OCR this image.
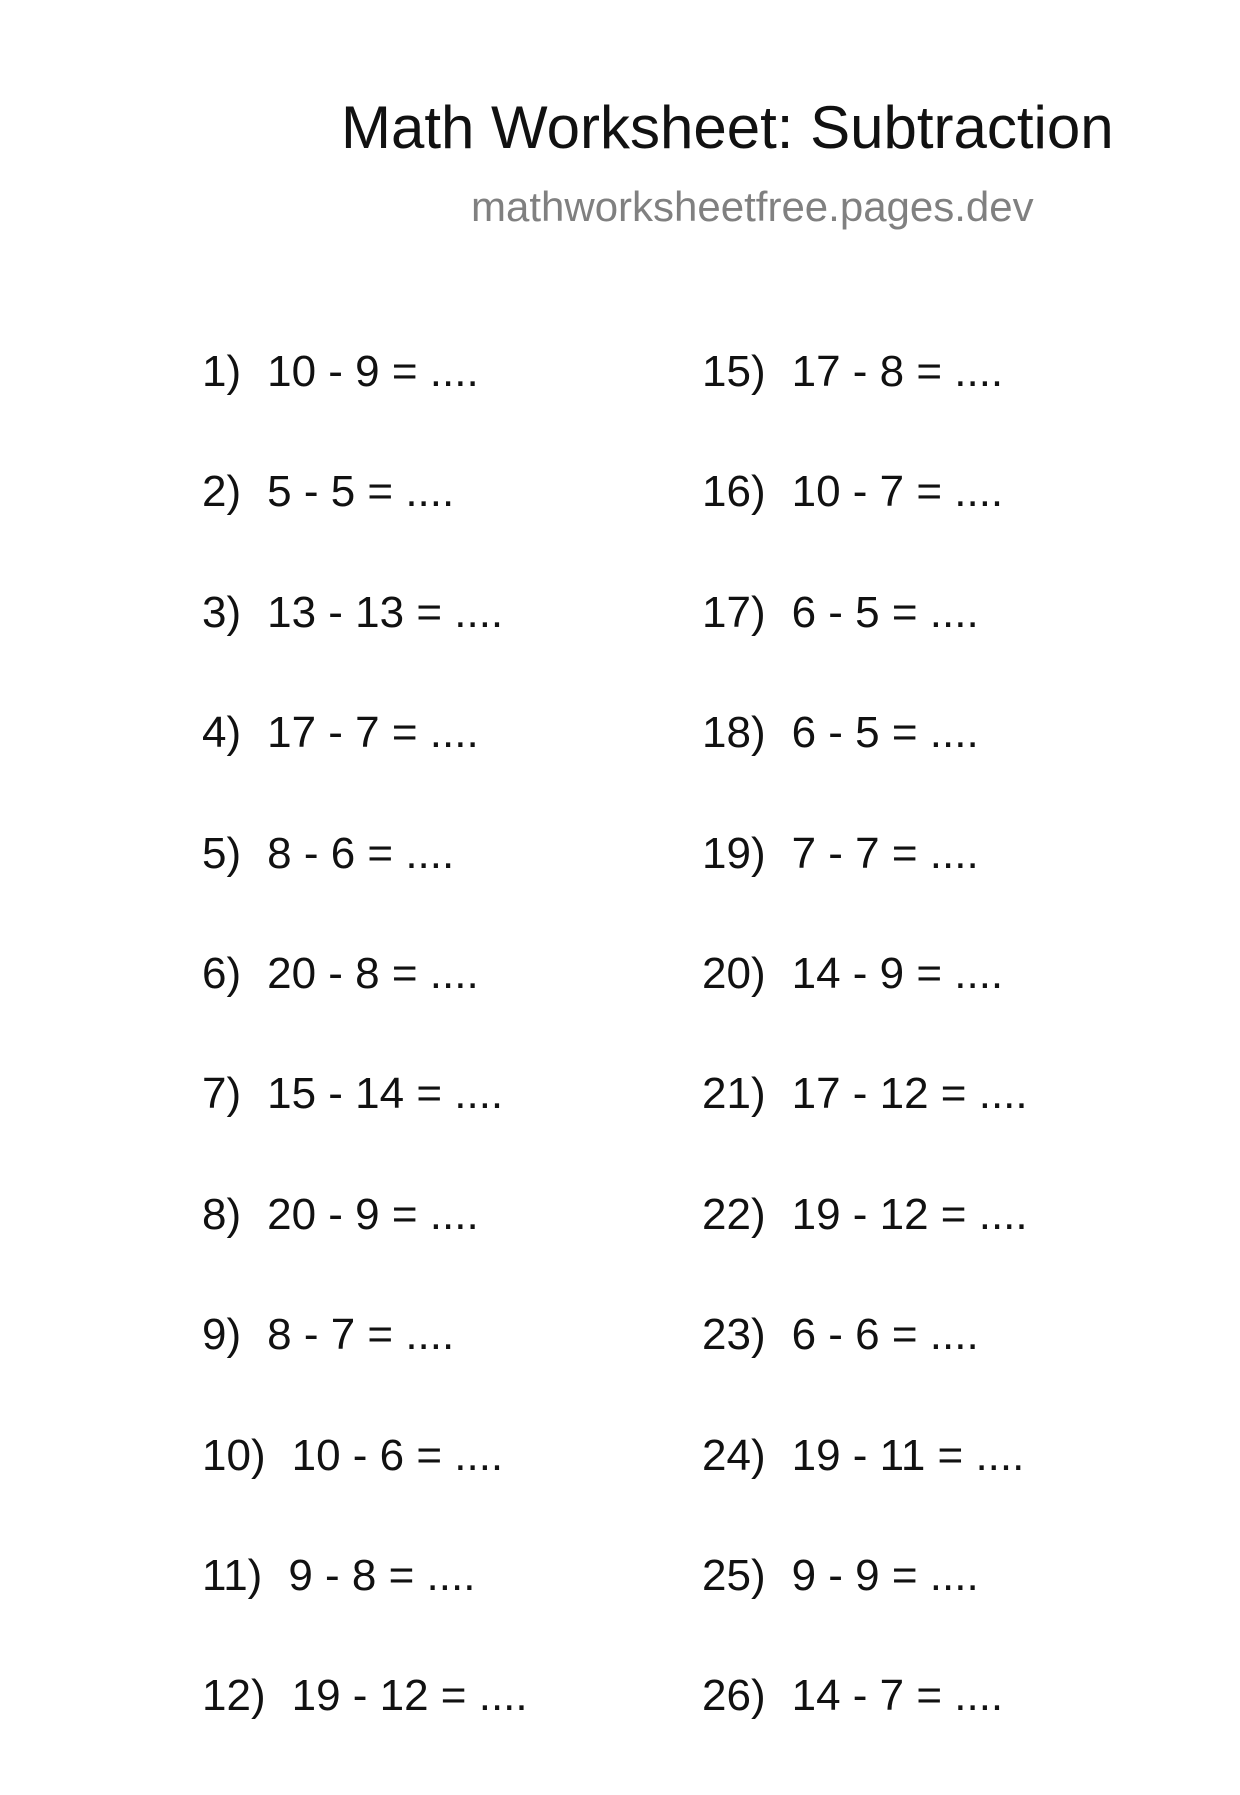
Math Worksheet: Subtraction
mathworksheetfree.pages.dev
1) 10 - 9 = ....
2) 5 - 5 = ....
3) 13 - 13 = ....
4) 17 - 7 = ....
5) 8 - 6 = ....
6) 20 - 8 = ....
7) 15 - 14 = ....
8) 20 - 9 = ....
9) 8 - 7 = ....
10) 10 - 6 = ....
11) 9 - 8 = ....
12) 19 - 12 = ....
15) 17 - 8 = ....
16) 10 - 7 = ....
17) 6 - 5 = ....
18) 6 - 5 = ....
19) 7 - 7 = ....
20) 14 - 9 = ....
21) 17 - 12 = ....
22) 19 - 12 = ....
23) 6 - 6 = ....
24) 19 - 11 = ....
25) 9 - 9 = ....
26) 14 - 7 = ....
